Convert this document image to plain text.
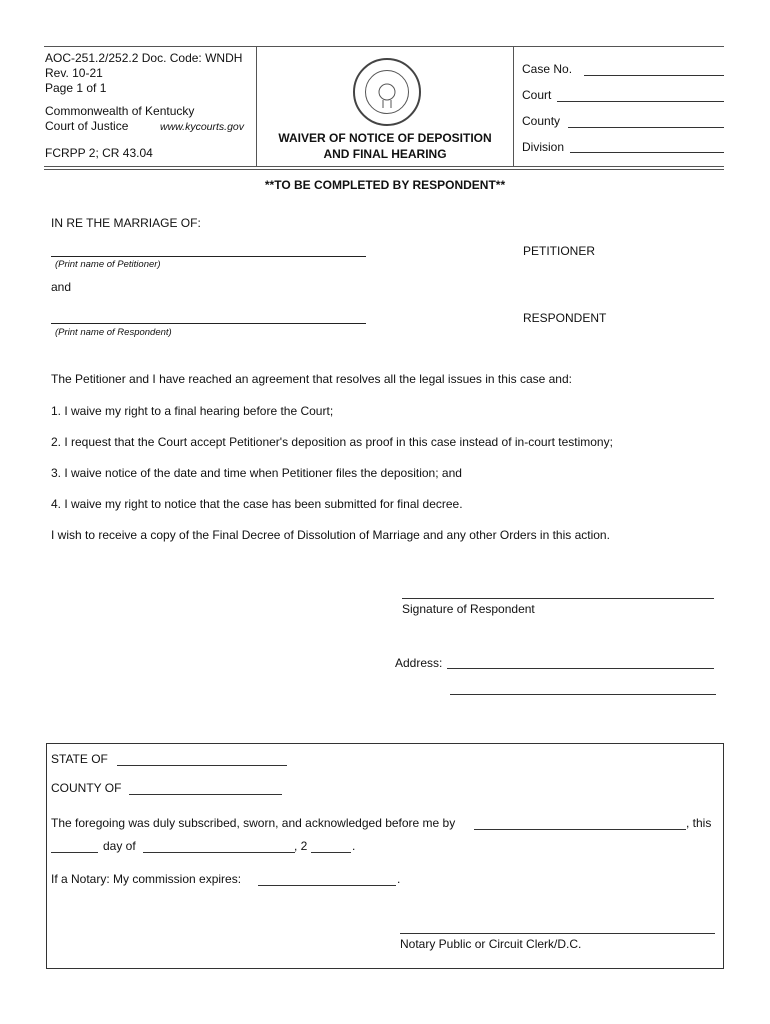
AOC-251.2/252.2 Doc. Code: WNDH
Rev. 10-21
Page 1 of 1
Commonwealth of Kentucky
Court of Justice	www.kycourts.gov
FCRPP 2; CR 43.04
WAIVER OF NOTICE OF DEPOSITION
AND FINAL HEARING
Case No.
Court
County
Division
**TO BE COMPLETED BY RESPONDENT**
IN RE THE MARRIAGE OF:
(Print name of Petitioner)
PETITIONER
and
(Print name of Respondent)
RESPONDENT
The Petitioner and I have reached an agreement that resolves all the legal issues in this case and:
1. I waive my right to a final hearing before the Court;
2. I request that the Court accept Petitioner's deposition as proof in this case instead of in-court testimony;
3. I waive notice of the date and time when Petitioner files the deposition; and
4. I waive my right to notice that the case has been submitted for final decree.
I wish to receive a copy of the Final Decree of Dissolution of Marriage and any other Orders in this action.
Signature of Respondent
Address:
STATE OF
COUNTY OF
The foregoing was duly subscribed, sworn, and acknowledged before me by	, this
day of	, 2	.
If a Notary: My commission expires:	.
Notary Public or Circuit Clerk/D.C.
